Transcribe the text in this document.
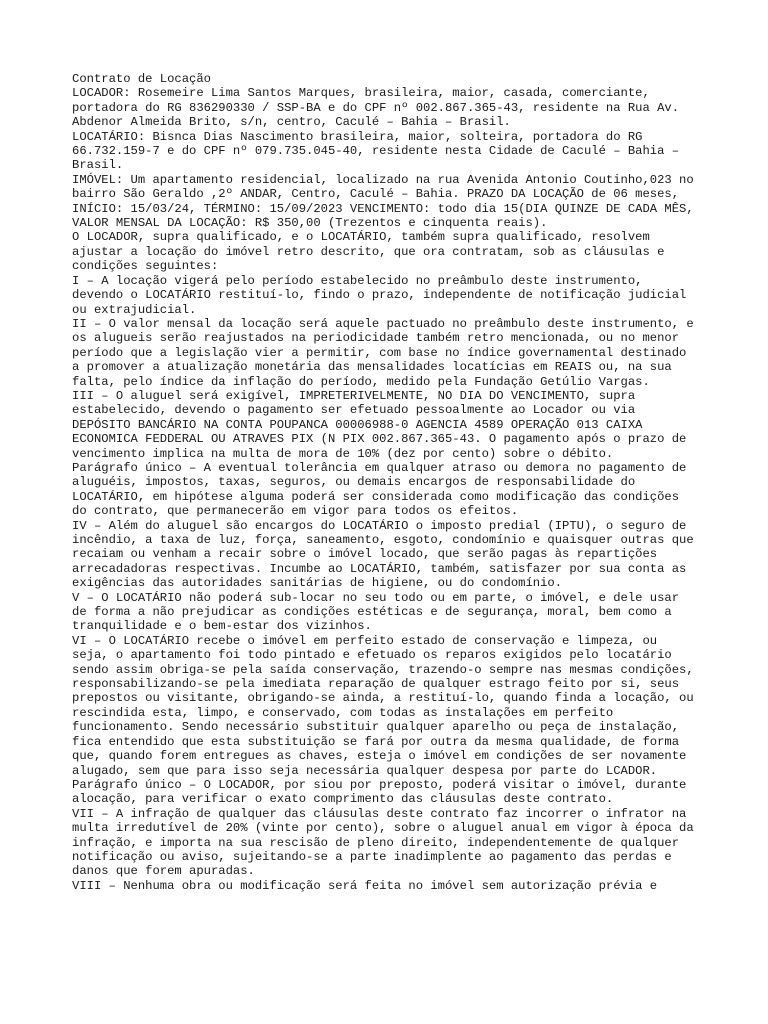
Contrato de Locação

LOCADOR: Rosemeire Lima Santos Marques, brasileira, maior, casada, comerciante, portadora do RG 836290330 / SSP-BA e do CPF nº 002.867.365-43, residente na Rua Av. Abdenor Almeida Brito, s/n, centro, Caculé – Bahia – Brasil.

LOCATÁRIO: Bisnca Dias Nascimento brasileira, maior, solteira, portadora do RG 66.732.159-7 e do CPF nº 079.735.045-40, residente nesta Cidade de Caculé – Bahia – Brasil.

IMÓVEL: Um apartamento residencial, localizado na rua Avenida Antonio Coutinho,023 no bairro São Geraldo ,2º ANDAR, Centro, Caculé – Bahia. PRAZO DA LOCAÇÃO de 06 meses, INÍCIO: 15/03/24, TÉRMINO: 15/09/2023 VENCIMENTO: todo dia 15(DIA QUINZE DE CADA MÊS, VALOR MENSAL DA LOCAÇÃO: R$ 350,00 (Trezentos e cinquenta reais).

O LOCADOR, supra qualificado, e o LOCATÁRIO, também supra qualificado, resolvem ajustar a locação do imóvel retro descrito, que ora contratam, sob as cláusulas e condições seguintes:

I – A locação vigerá pelo período estabelecido no preâmbulo deste instrumento, devendo o LOCATÁRIO restituí-lo, findo o prazo, independente de notificação judicial ou extrajudicial.

II – O valor mensal da locação será aquele pactuado no preâmbulo deste instrumento, e os alugueis serão reajustados na periodicidade também retro mencionada, ou no menor período que a legislação vier a permitir, com base no índice governamental destinado a promover a atualização monetária das mensalidades locatícias em REAIS ou, na sua falta, pelo índice da inflação do período, medido pela Fundação Getúlio Vargas.

III – O aluguel será exigível, IMPRETERIVELMENTE, NO DIA DO VENCIMENTO, supra estabelecido, devendo o pagamento ser efetuado pessoalmente ao Locador ou via DEPÓSITO BANCÁRIO NA CONTA POUPANCA 00006988-0 AGENCIA 4589 OPERAÇÃO 013 CAIXA ECONOMICA FEDDERAL OU ATRAVES PIX (N PIX 002.867.365-43. O pagamento após o prazo de vencimento implica na multa de mora de 10% (dez por cento) sobre o débito.

Parágrafo único – A eventual tolerância em qualquer atraso ou demora no pagamento de aluguéis, impostos, taxas, seguros, ou demais encargos de responsabilidade do LOCATÁRIO, em hipótese alguma poderá ser considerada como modificação das condições do contrato, que permanecerão em vigor para todos os efeitos.

IV – Além do aluguel são encargos do LOCATÁRIO o imposto predial (IPTU), o seguro de incêndio, a taxa de luz, força, saneamento, esgoto, condomínio e quaisquer outras que recaiam ou venham a recair sobre o imóvel locado, que serão pagas às repartições arrecadadoras respectivas. Incumbe ao LOCATÁRIO, também, satisfazer por sua conta as exigências das autoridades sanitárias de higiene, ou do condomínio.

V – O LOCATÁRIO não poderá sub-locar no seu todo ou em parte, o imóvel, e dele usar de forma a não prejudicar as condições estéticas e de segurança, moral, bem como a tranquilidade e o bem-estar dos vizinhos.

VI – O LOCATÁRIO recebe o imóvel em perfeito estado de conservação e limpeza, ou seja, o apartamento foi todo pintado e efetuado os reparos exigidos pelo locatário sendo assim obriga-se pela saída conservação, trazendo-o sempre nas mesmas condições, responsabilizando-se pela imediata reparação de qualquer estrago feito por si, seus prepostos ou visitante, obrigando-se ainda, a restituí-lo, quando finda a locação, ou rescindida esta, limpo, e conservado, com todas as instalações em perfeito funcionamento. Sendo necessário substituir qualquer aparelho ou peça de instalação, fica entendido que esta substituição se fará por outra da mesma qualidade, de forma que, quando forem entregues as chaves, esteja o imóvel em condições de ser novamente alugado, sem que para isso seja necessária qualquer despesa por parte do LCADOR.

Parágrafo único – O LOCADOR, por siou por preposto, poderá visitar o imóvel, durante alocação, para verificar o exato comprimento das cláusulas deste contrato.

VII – A infração de qualquer das cláusulas deste contrato faz incorrer o infrator na multa irredutível de 20% (vinte por cento), sobre o aluguel anual em vigor à época da infração, e importa na sua rescisão de pleno direito, independentemente de qualquer notificação ou aviso, sujeitando-se a parte inadimplente ao pagamento das perdas e danos que forem apuradas.

VIII – Nenhuma obra ou modificação será feita no imóvel sem autorização prévia e
